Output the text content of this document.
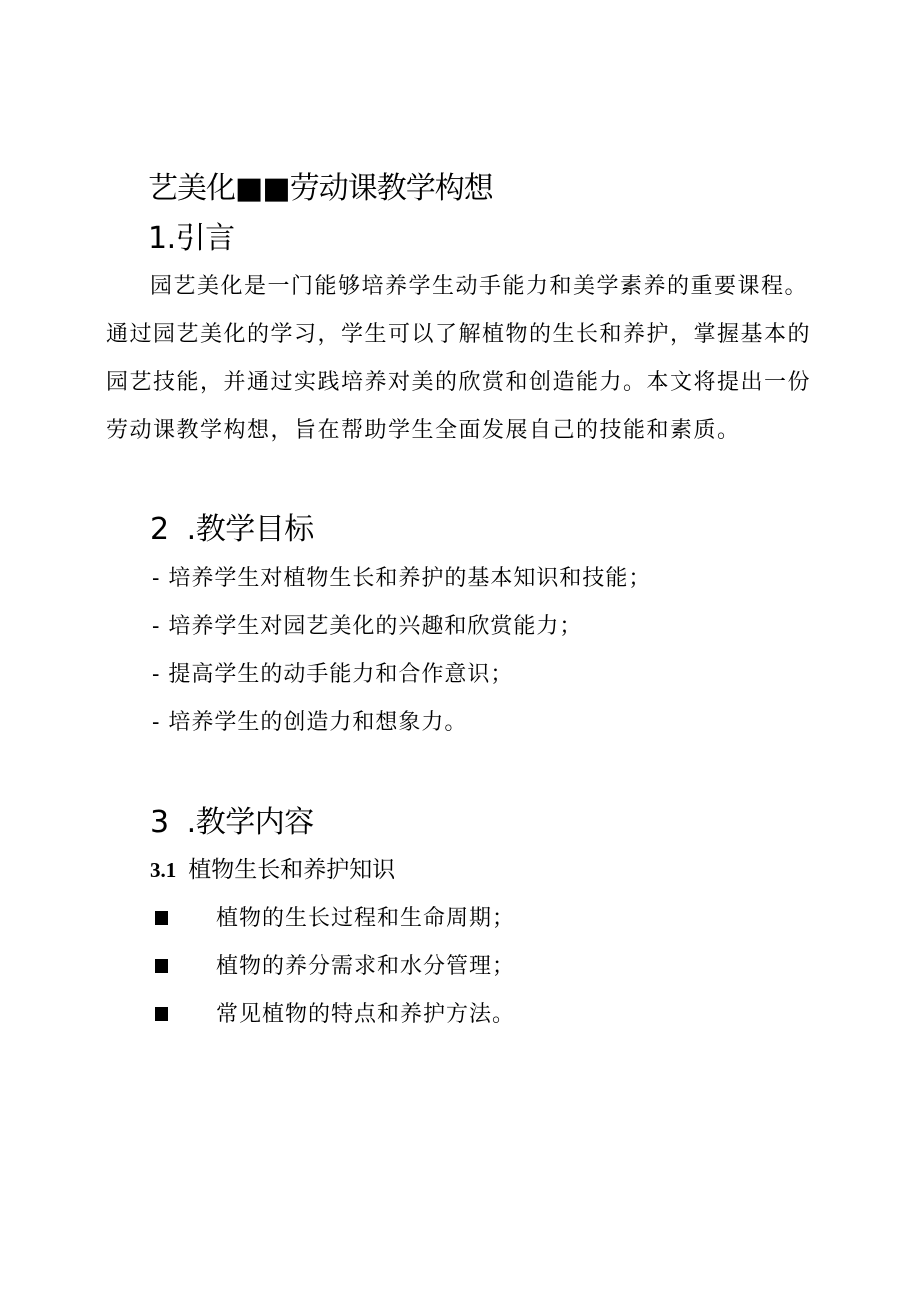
艺美化■■劳动课教学构想
1.引言
园艺美化是一门能够培养学生动手能力和美学素养的重要课程。
通过园艺美化的学习，学生可以了解植物的生长和养护，掌握基本的
园艺技能，并通过实践培养对美的欣赏和创造能力。本文将提出一份
劳动课教学构想，旨在帮助学生全面发展自己的技能和素质。
2  .教学目标
- 培养学生对植物生长和养护的基本知识和技能；
- 培养学生对园艺美化的兴趣和欣赏能力；
- 提高学生的动手能力和合作意识；
- 培养学生的创造力和想象力。
3  .教学内容
3.1 植物生长和养护知识
植物的生长过程和生命周期；
植物的养分需求和水分管理；
常见植物的特点和养护方法。
